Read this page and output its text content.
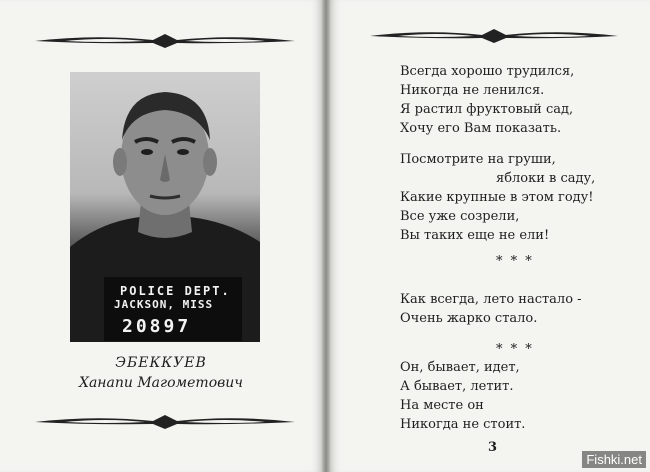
POLICE DEPT.
JACKSON, MISS
20897
ЭБЕККУЕВ
Ханапи Магометович
Всегда хорошо трудился,
Никогда не ленился.
Я растил фруктовый сад,
Хочу его Вам показать.
Посмотрите на груши,
яблоки в саду,
Какие крупные в этом году!
Все уже созрели,
Вы таких еще не ели!
* * *
Как всегда, лето настало -
Очень жарко стало.
* * *
Он, бывает, идет,
А бывает, летит.
На месте он
Никогда не стоит.
3
Fishki.net
